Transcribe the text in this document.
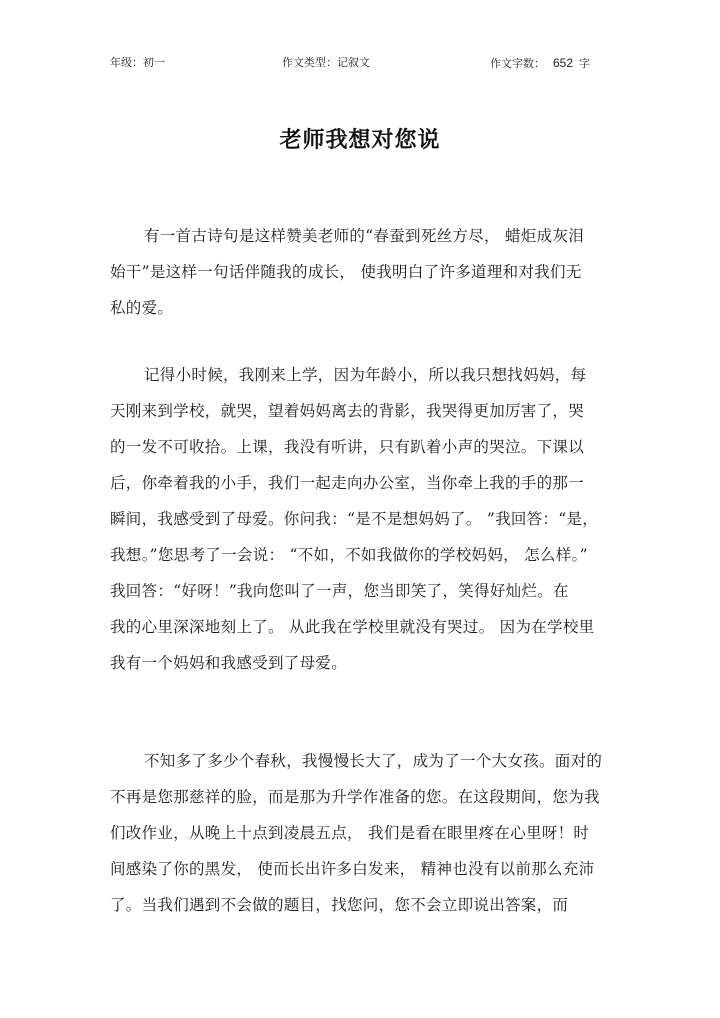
年级：初一	作文类型：记叙文	作文字数： 652 字
老师我想对您说
有一首古诗句是这样赞美老师的“春蚕到死丝方尽， 蜡炬成灰泪
始干”是这样一句话伴随我的成长， 使我明白了许多道理和对我们无
私的爱。
记得小时候，我刚来上学，因为年龄小，所以我只想找妈妈，每
天刚来到学校，就哭，望着妈妈离去的背影，我哭得更加厉害了，哭
的一发不可收拾。上课，我没有听讲，只有趴着小声的哭泣。下课以
后，你牵着我的小手，我们一起走向办公室，当你牵上我的手的那一
瞬间，我感受到了母爱。你问我：“是不是想妈妈了。 ”我回答：“是，
我想。”您思考了一会说： “不如，不如我做你的学校妈妈， 怎么样。”
我回答：“好呀！”我向您叫了一声，您当即笑了，笑得好灿烂。在
我的心里深深地刻上了。 从此我在学校里就没有哭过。 因为在学校里
我有一个妈妈和我感受到了母爱。
不知多了多少个春秋，我慢慢长大了，成为了一个大女孩。面对的
不再是您那慈祥的脸，而是那为升学作准备的您。在这段期间，您为我
们改作业，从晚上十点到凌晨五点， 我们是看在眼里疼在心里呀！时
间感染了你的黑发， 使而长出许多白发来， 精神也没有以前那么充沛
了。当我们遇到不会做的题目，找您问，您不会立即说出答案，而
